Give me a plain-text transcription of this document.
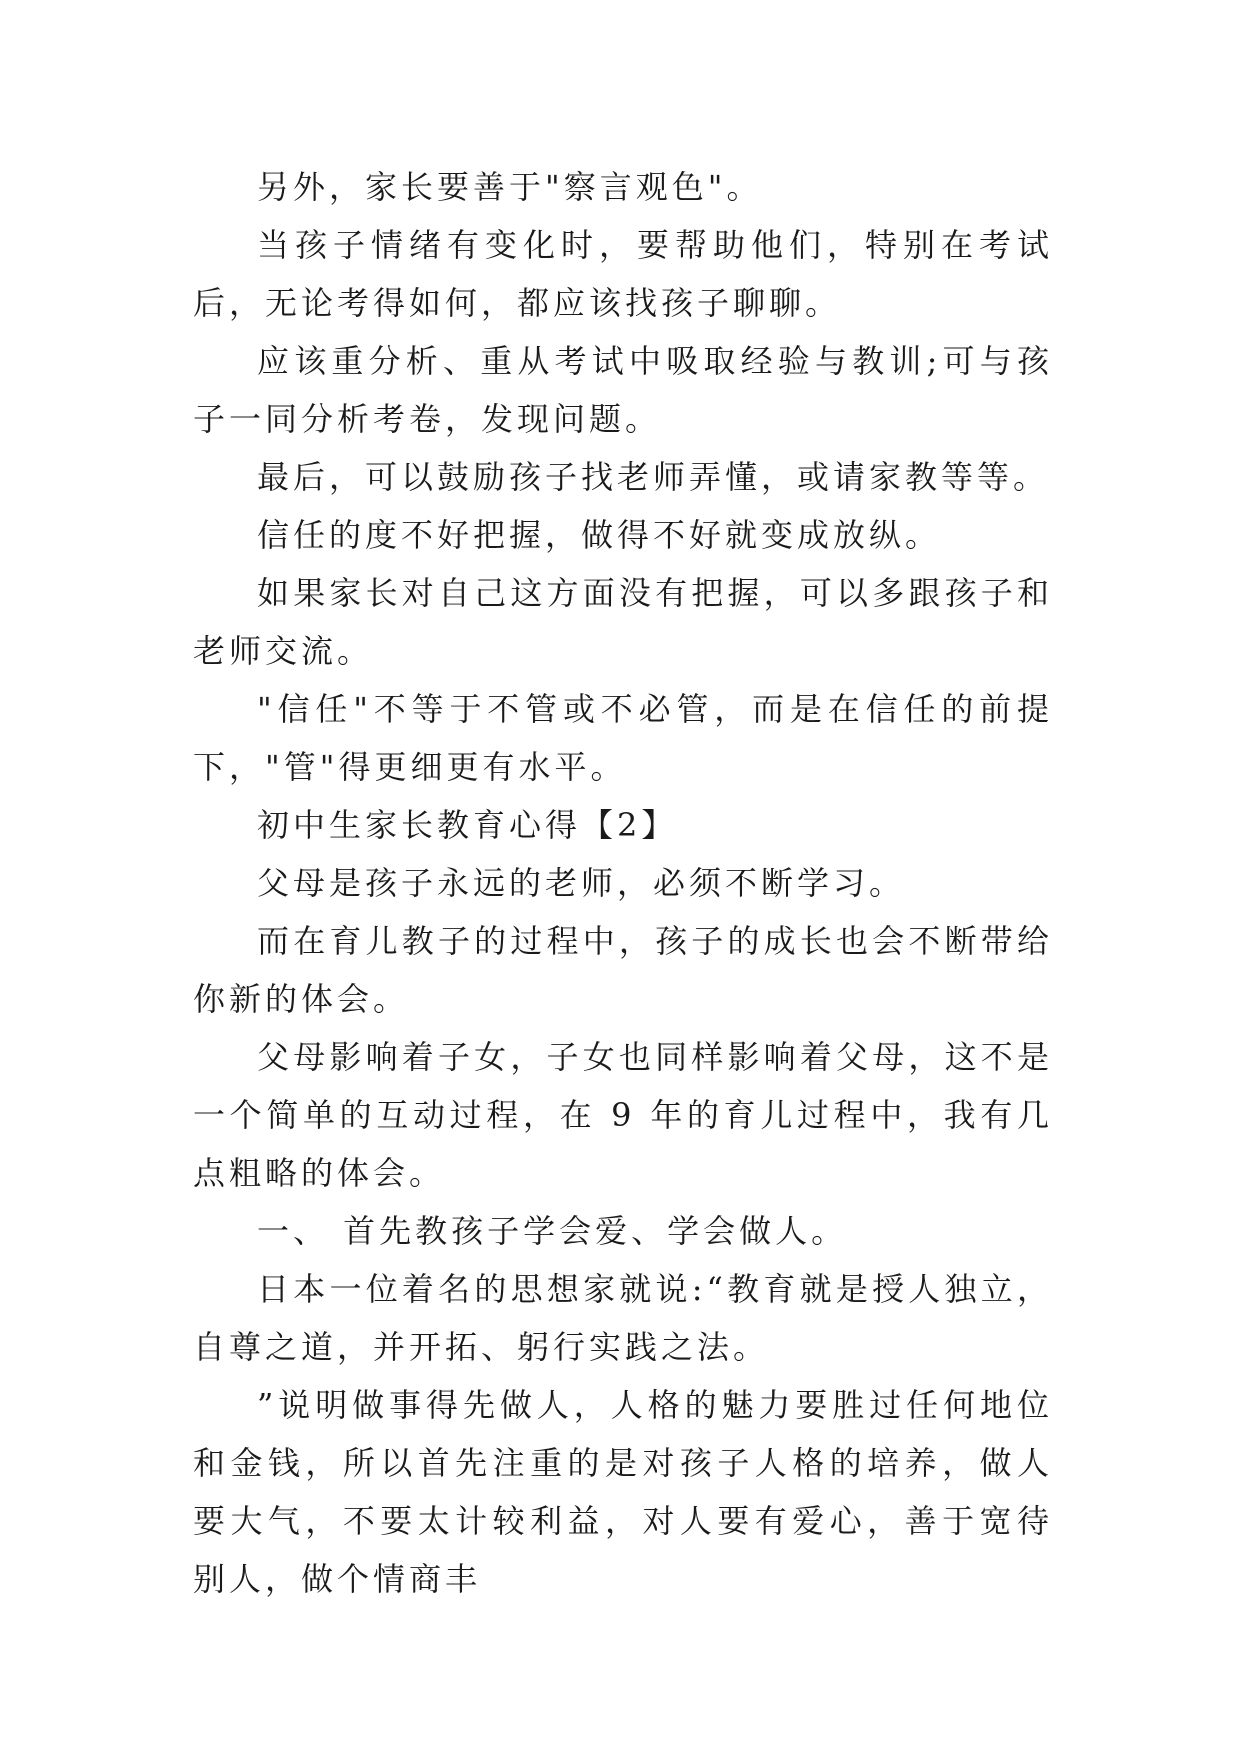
另外，家长要善于"察言观色"。

当孩子情绪有变化时，要帮助他们，特别在考试后，无论考得如何，都应该找孩子聊聊。

应该重分析、重从考试中吸取经验与教训;可与孩子一同分析考卷，发现问题。

最后，可以鼓励孩子找老师弄懂，或请家教等等。

信任的度不好把握，做得不好就变成放纵。

如果家长对自己这方面没有把握，可以多跟孩子和老师交流。

"信任"不等于不管或不必管，而是在信任的前提下，"管"得更细更有水平。

初中生家长教育心得【2】

父母是孩子永远的老师，必须不断学习。

而在育儿教子的过程中，孩子的成长也会不断带给你新的体会。

父母影响着子女，子女也同样影响着父母，这不是一个简单的互动过程，在 9 年的育儿过程中，我有几点粗略的体会。

一、 首先教孩子学会爱、学会做人。

日本一位着名的思想家就说:“教育就是授人独立，自尊之道，并开拓、躬行实践之法。

”说明做事得先做人，人格的魅力要胜过任何地位和金钱，所以首先注重的是对孩子人格的培养，做人要大气，不要太计较利益，对人要有爱心，善于宽待别人，做个情商丰
